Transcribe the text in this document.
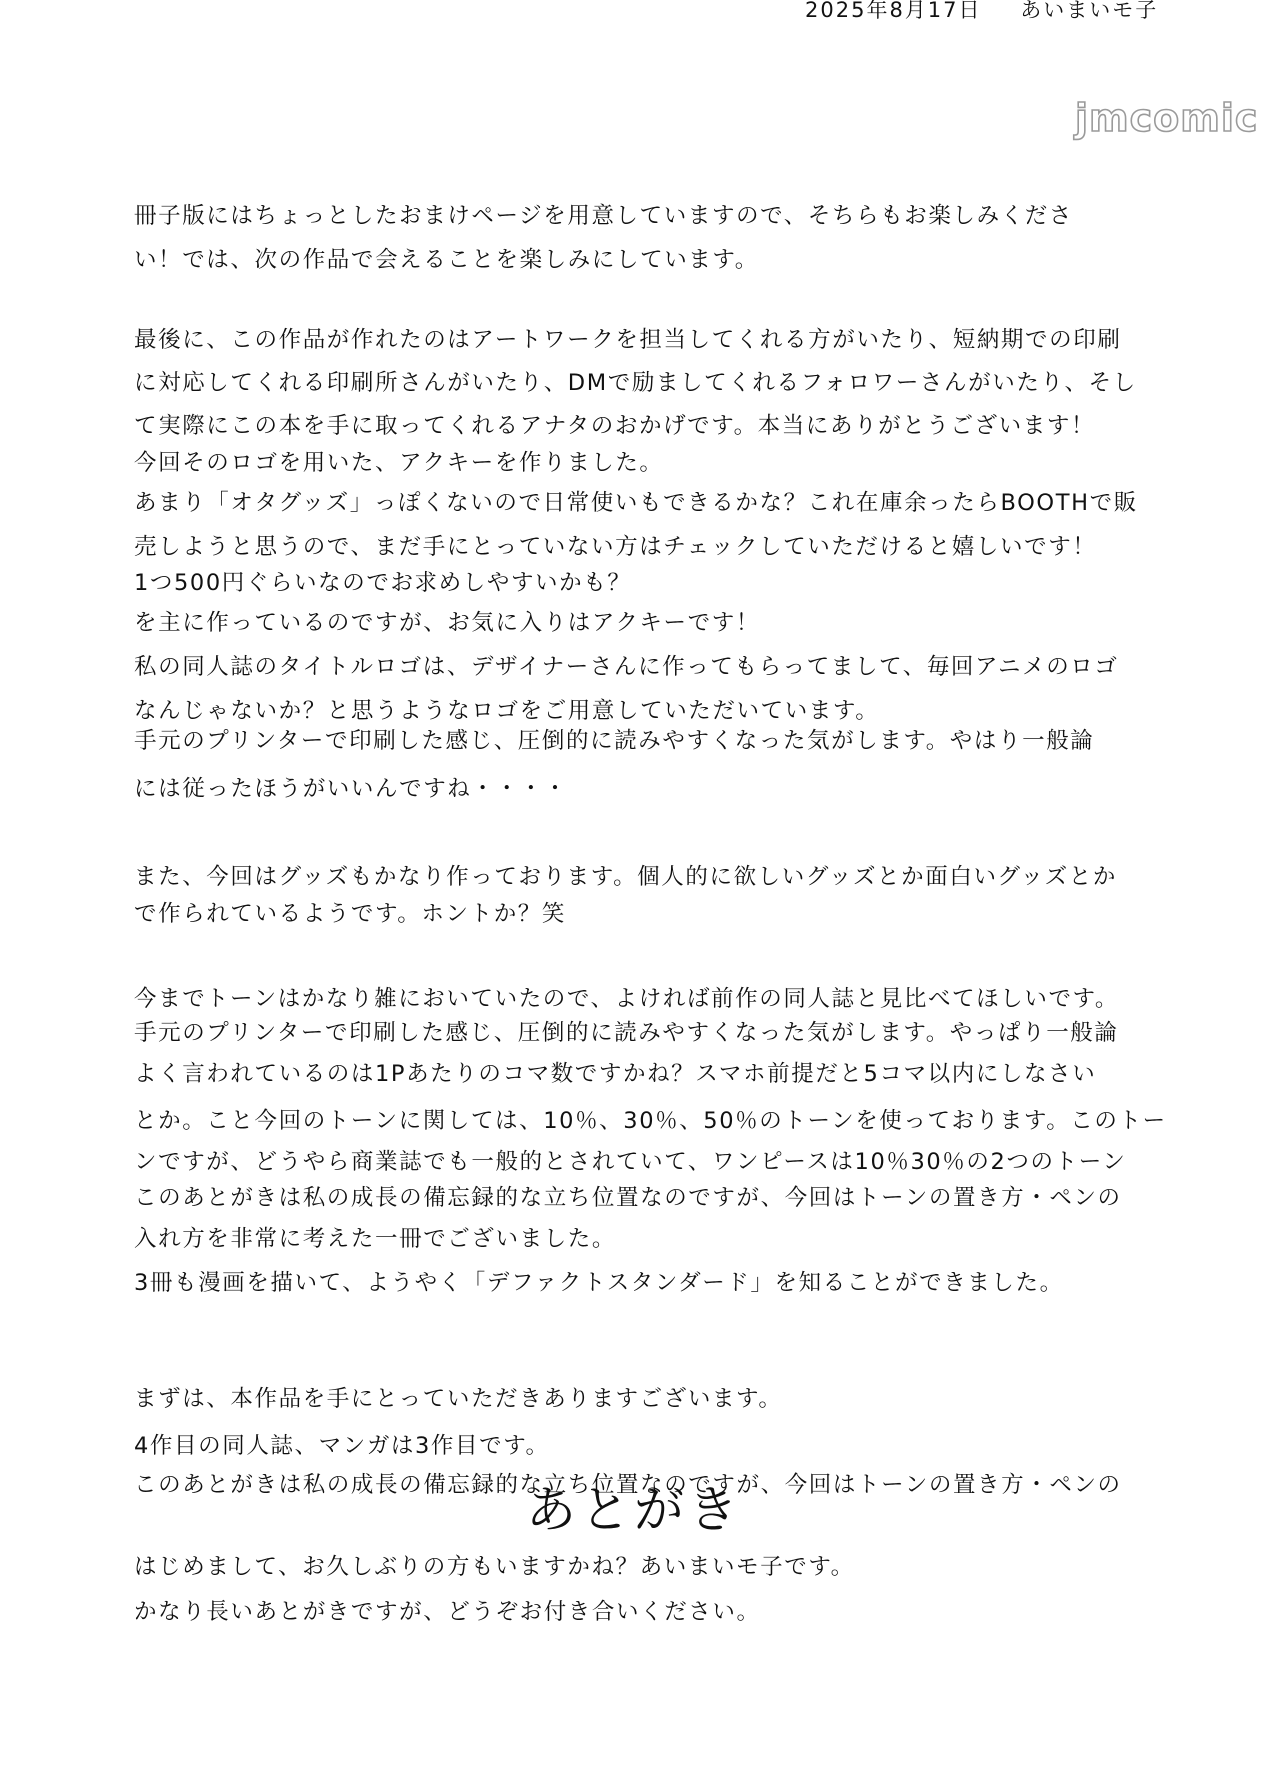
2025年8月17日 あいまいモ子
jmcomic
冊子版にはちょっとしたおまけページを用意していますので、そちらもお楽しみくださ
い！では、次の作品で会えることを楽しみにしています。
最後に、この作品が作れたのはアートワークを担当してくれる方がいたり、短納期での印刷
に対応してくれる印刷所さんがいたり、DMで励ましてくれるフォロワーさんがいたり、そし
て実際にこの本を手に取ってくれるアナタのおかげです。本当にありがとうございます！
今回そのロゴを用いた、アクキーを作りました。
あまり「オタグッズ」っぽくないので日常使いもできるかな？これ在庫余ったらBOOTHで販
売しようと思うので、まだ手にとっていない方はチェックしていただけると嬉しいです！
1つ500円ぐらいなのでお求めしやすいかも？
を主に作っているのですが、お気に入りはアクキーです！
私の同人誌のタイトルロゴは、デザイナーさんに作ってもらってまして、毎回アニメのロゴ
なんじゃないか？と思うようなロゴをご用意していただいています。
手元のプリンターで印刷した感じ、圧倒的に読みやすくなった気がします。やはり一般論
には従ったほうがいいんですね・・・・
また、今回はグッズもかなり作っております。個人的に欲しいグッズとか面白いグッズとか
で作られているようです。ホントか？笑
今までトーンはかなり雑においていたので、よければ前作の同人誌と見比べてほしいです。
手元のプリンターで印刷した感じ、圧倒的に読みやすくなった気がします。やっぱり一般論
よく言われているのは1Pあたりのコマ数ですかね？スマホ前提だと5コマ以内にしなさい
とか。こと今回のトーンに関しては、10％、30％、50％のトーンを使っております。このトー
ンですが、どうやら商業誌でも一般的とされていて、ワンピースは10％30％の2つのトーン
このあとがきは私の成長の備忘録的な立ち位置なのですが、今回はトーンの置き方・ペンの
入れ方を非常に考えた一冊でございました。
3冊も漫画を描いて、ようやく「デファクトスタンダード」を知ることができました。
まずは、本作品を手にとっていただきありますございます。
4作目の同人誌、マンガは3作目です。
このあとがきは私の成長の備忘録的な立ち位置なのですが、今回はトーンの置き方・ペンの
あとがき
はじめまして、お久しぶりの方もいますかね？あいまいモ子です。
かなり長いあとがきですが、どうぞお付き合いください。
